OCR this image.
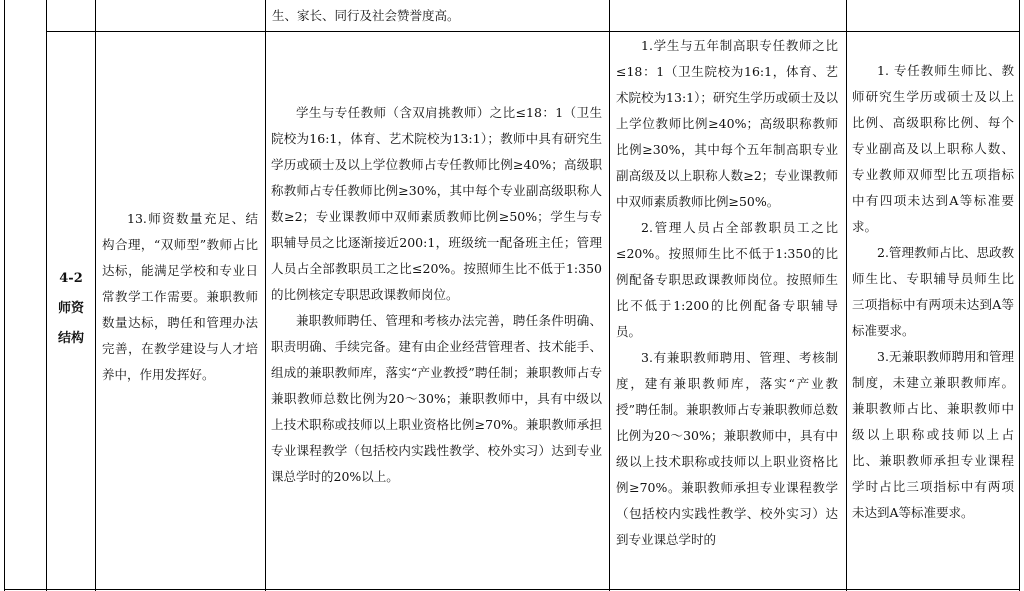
生、家长、同行及社会赞誉度高。
4-2
师资
结构

13.师资数量充足、结构合理，“双师型”教师占比达标，能满足学校和专业日常教学工作需要。兼职教师数量达标，聘任和管理办法完善，在教学建设与人才培养中，作用发挥好。

学生与专任教师（含双肩挑教师）之比≤18：1（卫生院校为16:1，体育、艺术院校为13:1）；教师中具有研究生学历或硕士及以上学位教师占专任教师比例≥40%；高级职称教师占专任教师比例≥30%，其中每个专业副高级职称人数≥2；专业课教师中双师素质教师比例≥50%；学生与专职辅导员之比逐渐接近200:1，班级统一配备班主任；管理人员占全部教职员工之比≤20%。按照师生比不低于1:350的比例核定专职思政课教师岗位。

兼职教师聘任、管理和考核办法完善，聘任条件明确、职责明确、手续完备。建有由企业经营管理者、技术能手、组成的兼职教师库，落实“产业教授”聘任制；兼职教师占专兼职教师总数比例为20～30%；兼职教师中，具有中级以上技术职称或技师以上职业资格比例≥70%。兼职教师承担专业课程教学（包括校内实践性教学、校外实习）达到专业课总学时的20%以上。

1.学生与五年制高职专任教师之比≤18：1（卫生院校为16:1，体育、艺术院校为13:1）；研究生学历或硕士及以上学位教师比例≥40%；高级职称教师比例≥30%，其中每个五年制高职专业副高级及以上职称人数≥2；专业课教师中双师素质教师比例≥50%。

2.管理人员占全部教职员工之比≤20%。按照师生比不低于1:350的比例配备专职思政课教师岗位。按照师生比不低于1:200的比例配备专职辅导员。

3.有兼职教师聘用、管理、考核制度，建有兼职教师库，落实“产业教授”聘任制。兼职教师占专兼职教师总数比例为20～30%；兼职教师中，具有中级以上技术职称或技师以上职业资格比例≥70%。兼职教师承担专业课程教学（包括校内实践性教学、校外实习）达到专业课总学时的

1. 专任教师生师比、教师研究生学历或硕士及以上比例、高级职称比例、每个专业副高及以上职称人数、专业教师双师型比五项指标中有四项未达到A等标准要求。

2.管理教师占比、思政教师生比、专职辅导员师生比三项指标中有两项未达到A等标准要求。

3.无兼职教师聘用和管理制度，未建立兼职教师库。兼职教师占比、兼职教师中级以上职称或技师以上占比、兼职教师承担专业课程学时占比三项指标中有两项未达到A等标准要求。
